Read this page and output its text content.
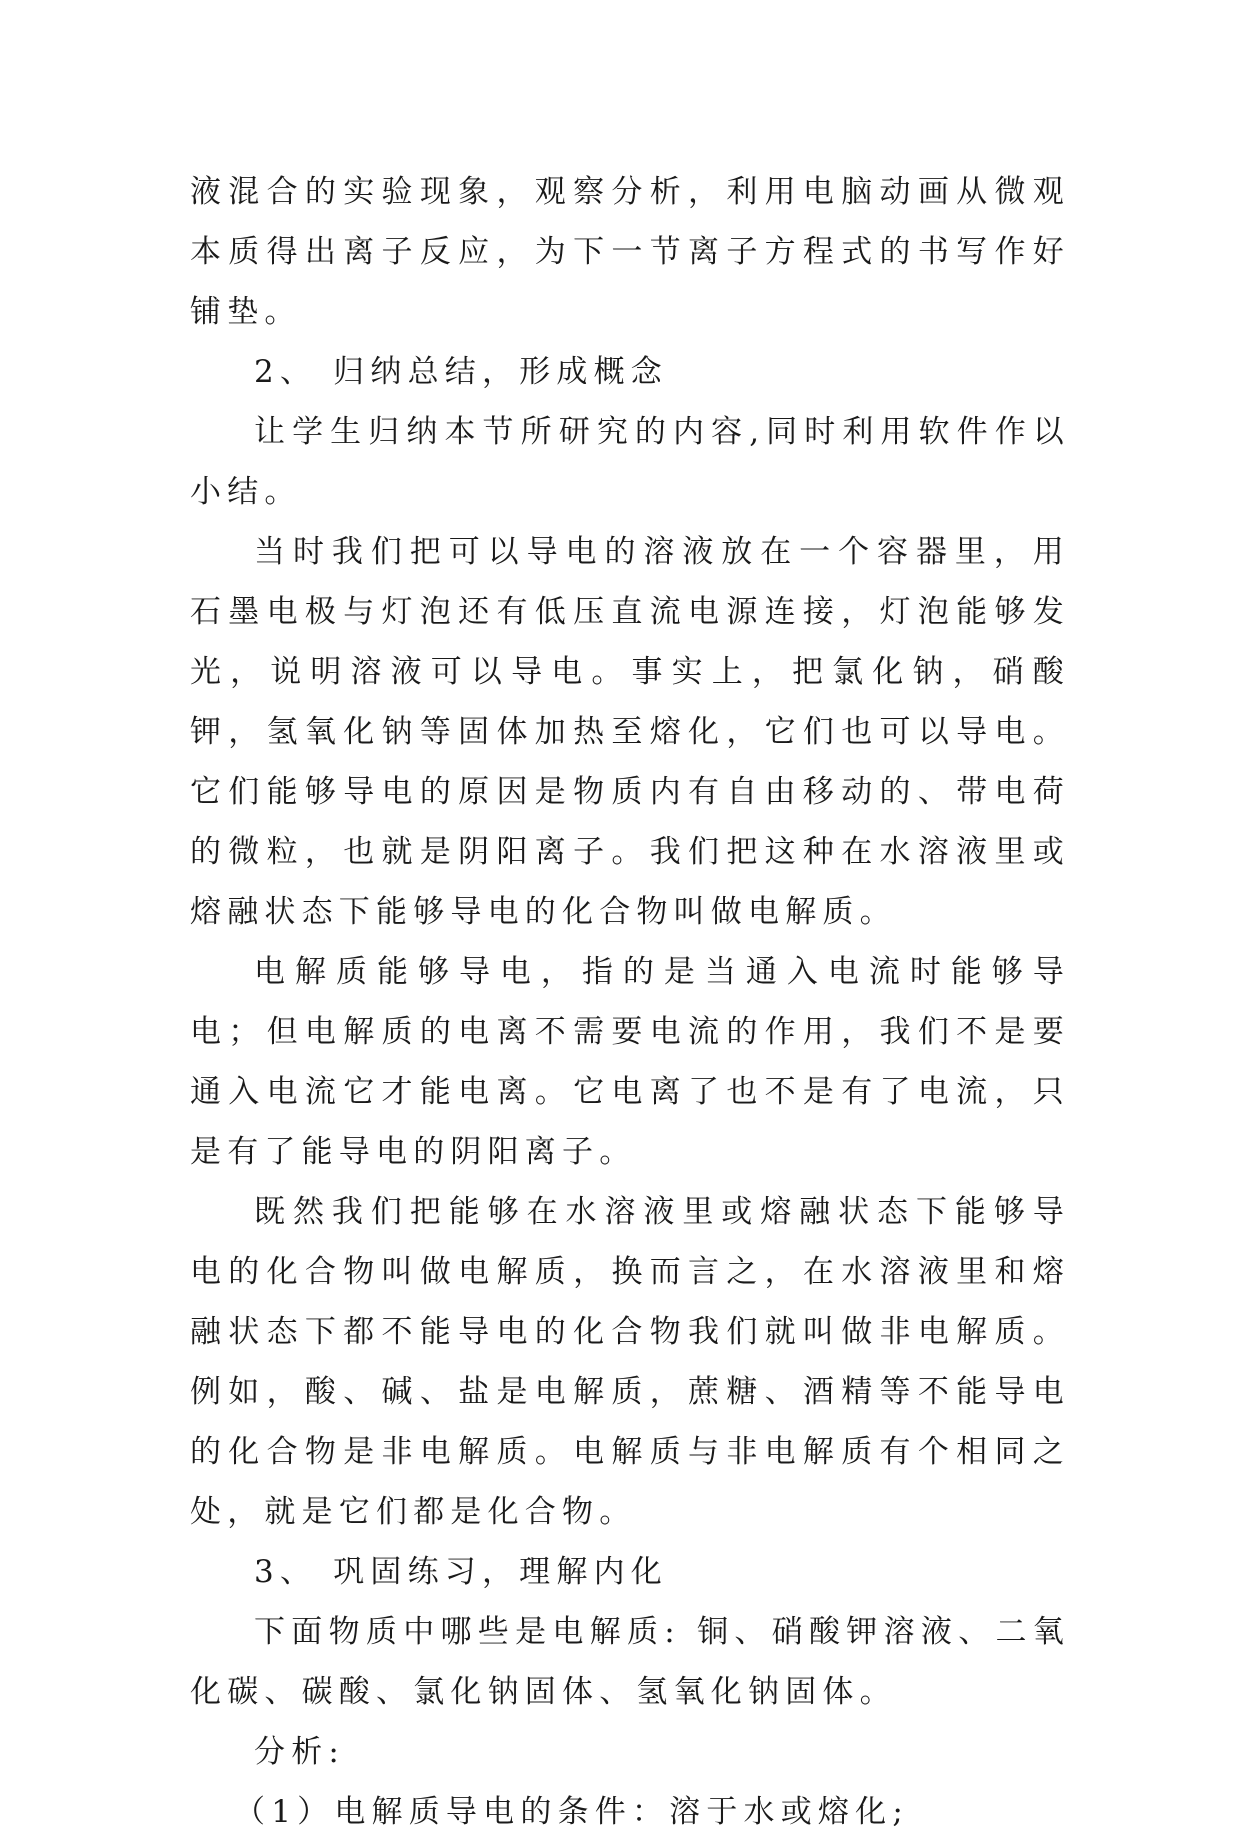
液混合的实验现象，观察分析，利用电脑动画从微观本质得出离子反应，为下一节离子方程式的书写作好铺垫。

2、 归纳总结，形成概念

让学生归纳本节所研究的内容,同时利用软件作以小结。

当时我们把可以导电的溶液放在一个容器里，用石墨电极与灯泡还有低压直流电源连接，灯泡能够发光，说明溶液可以导电。事实上，把氯化钠，硝酸钾，氢氧化钠等固体加热至熔化，它们也可以导电。它们能够导电的原因是物质内有自由移动的、带电荷的微粒，也就是阴阳离子。我们把这种在水溶液里或熔融状态下能够导电的化合物叫做电解质。

电解质能够导电，指的是当通入电流时能够导电；但电解质的电离不需要电流的作用，我们不是要通入电流它才能电离。它电离了也不是有了电流，只是有了能导电的阴阳离子。

既然我们把能够在水溶液里或熔融状态下能够导电的化合物叫做电解质，换而言之，在水溶液里和熔融状态下都不能导电的化合物我们就叫做非电解质。例如，酸、碱、盐是电解质，蔗糖、酒精等不能导电的化合物是非电解质。电解质与非电解质有个相同之处，就是它们都是化合物。

3、 巩固练习，理解内化

下面物质中哪些是电解质: 铜、硝酸钾溶液、二氧化碳、碳酸、氯化钠固体、氢氧化钠固体。

分析:

（1）电解质导电的条件：溶于水或熔化;
